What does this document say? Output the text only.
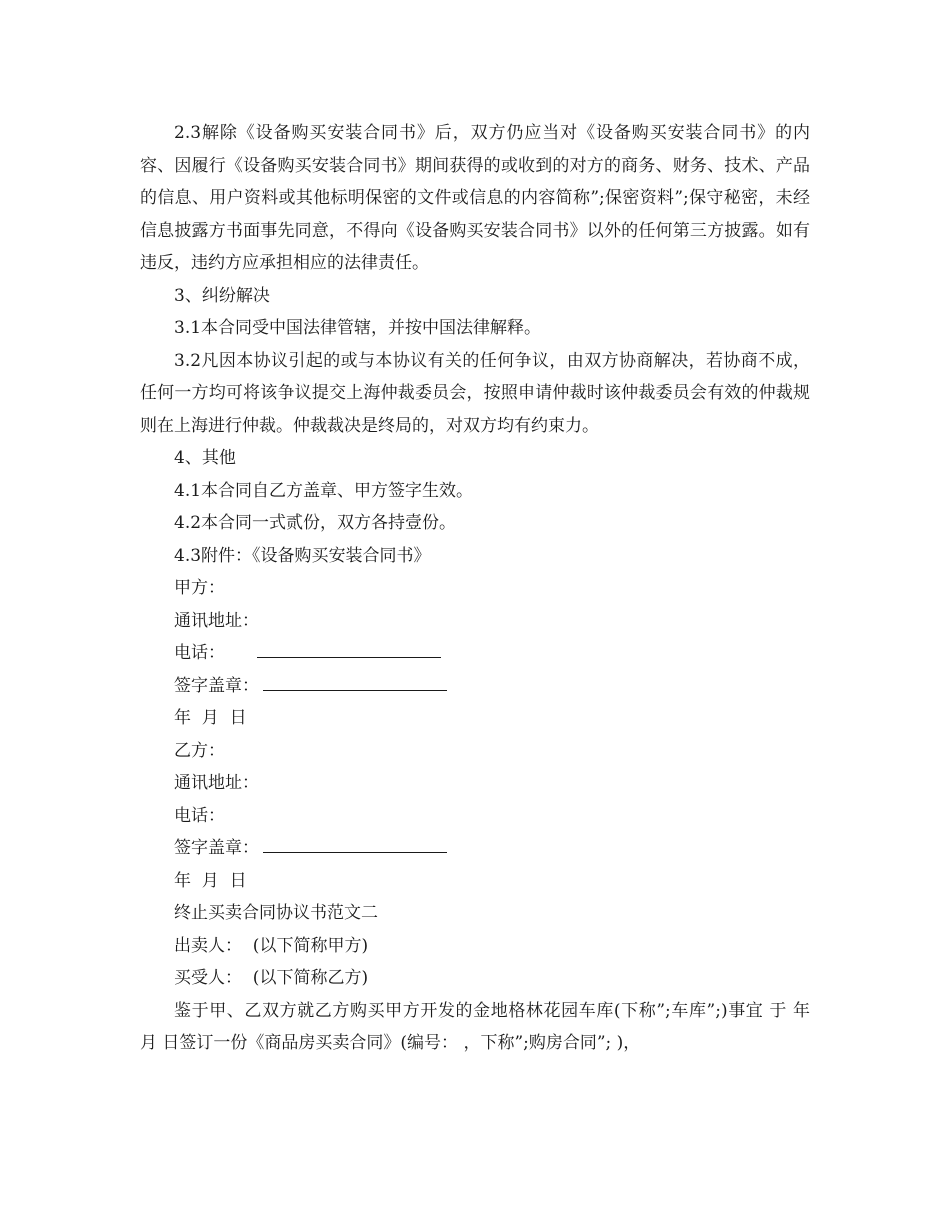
2.3解除《设备购买安装合同书》后，双方仍应当对《设备购买安装合同书》的内容、因履行《设备购买安装合同书》期间获得的或收到的对方的商务、财务、技术、产品的信息、用户资料或其他标明保密的文件或信息的内容简称”;保密资料”;保守秘密，未经信息披露方书面事先同意，不得向《设备购买安装合同书》以外的任何第三方披露。如有违反，违约方应承担相应的法律责任。

3、纠纷解决

3.1本合同受中国法律管辖，并按中国法律解释。

3.2凡因本协议引起的或与本协议有关的任何争议，由双方协商解决，若协商不成，任何一方均可将该争议提交上海仲裁委员会，按照申请仲裁时该仲裁委员会有效的仲裁规则在上海进行仲裁。仲裁裁决是终局的，对双方均有约束力。

4、其他

4.1本合同自乙方盖章、甲方签字生效。

4.2本合同一式贰份，双方各持壹份。

4.3附件：《设备购买安装合同书》

甲方：

通讯地址：

电话：

签字盖章：

年  月  日

乙方：

通讯地址：

电话：

签字盖章：

年  月  日

终止买卖合同协议书范文二

出卖人：  (以下简称甲方)

买受人：  (以下简称乙方)

鉴于甲、乙双方就乙方购买甲方开发的金地格林花园车库(下称”;车库”;)事宜 于 年 月 日签订一份《商品房买卖合同》(编号： ，下称”;购房合同”; )，
